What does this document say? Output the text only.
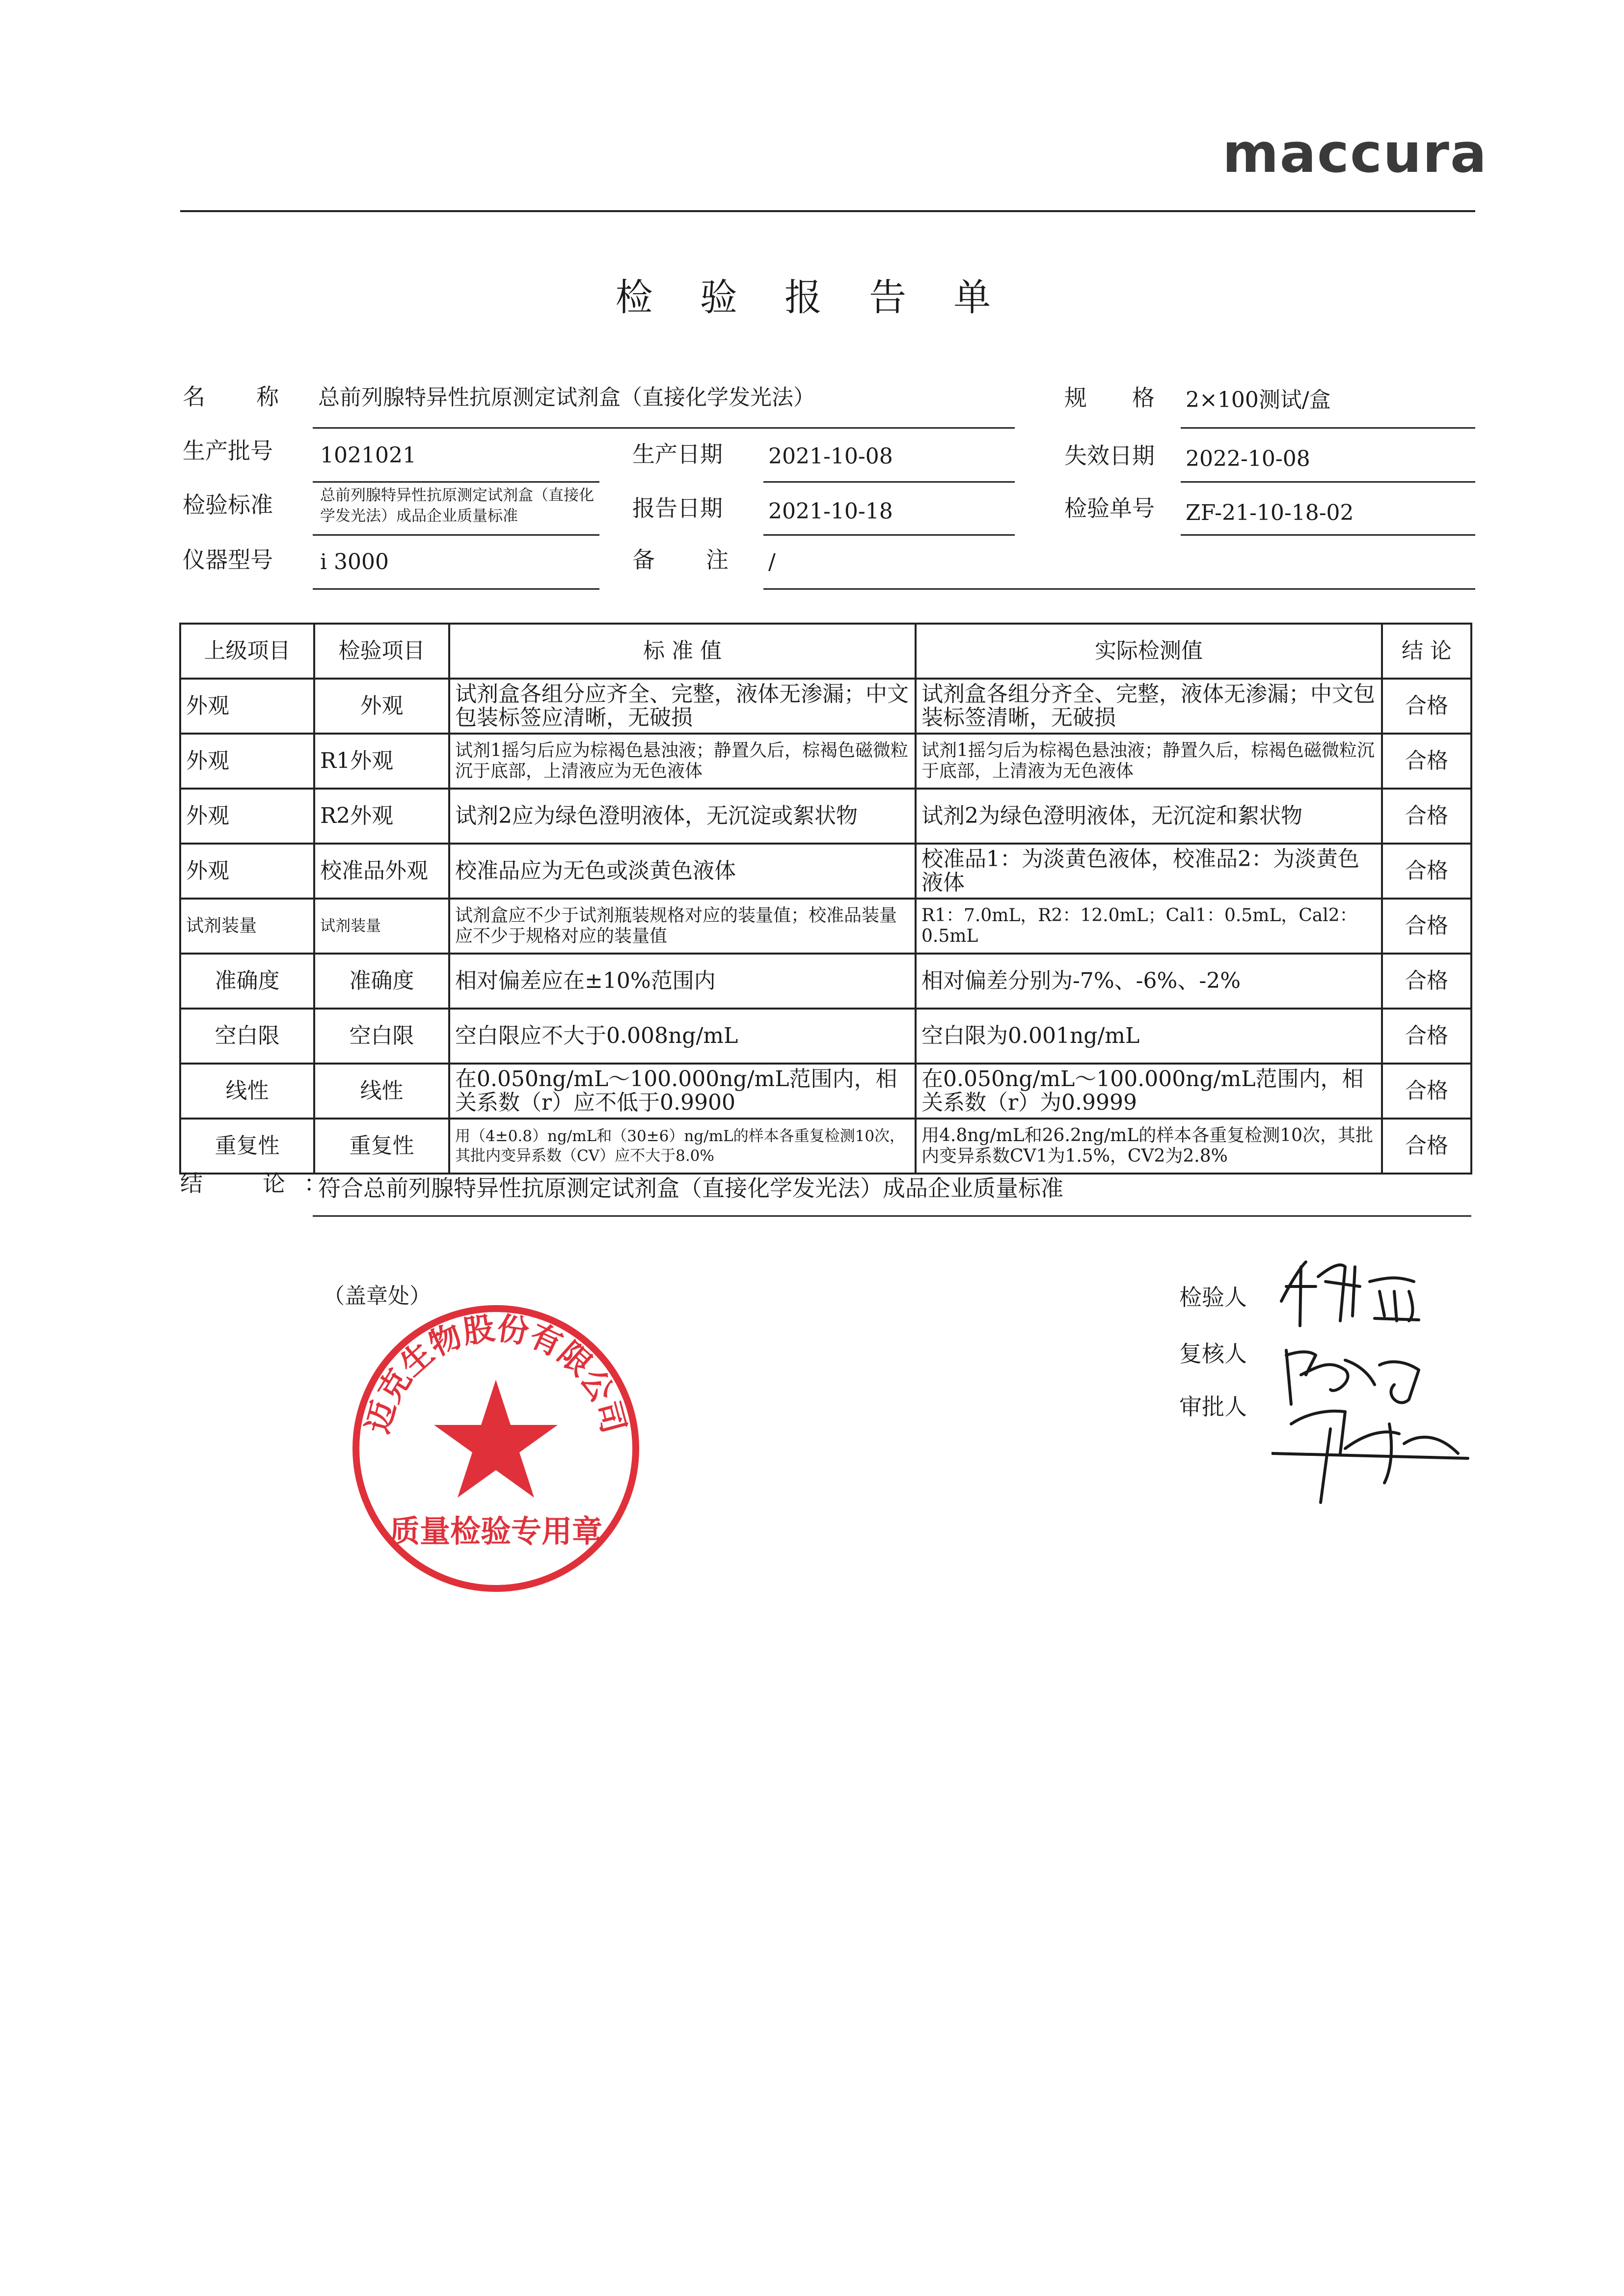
maccura
检 验 报 告 单
名　　称 总前列腺特异性抗原测定试剂盒（直接化学发光法）	规　　格 2×100测试/盒
生产批号 1021021	生产日期 2021-10-08	失效日期 2022-10-08
检验标准	总前列腺特异性抗原测定试剂盒（直接化学发光法）成品企业质量标准	报告日期 2021-10-18	检验单号 ZF-21-10-18-02
仪器型号 i 3000	备　　注 /
上级项目	检验项目	标 准 值	实际检测值	结 论
外观	外观	试剂盒各组分应齐全、完整，液体无渗漏；中文包装标签应清晰，无破损	试剂盒各组分齐全、完整，液体无渗漏；中文包装标签清晰，无破损	合格
外观	R1外观	试剂1摇匀后应为棕褐色悬浊液；静置久后，棕褐色磁微粒沉于底部，上清液应为无色液体	试剂1摇匀后为棕褐色悬浊液；静置久后，棕褐色磁微粒沉于底部，上清液为无色液体	合格
外观	R2外观	试剂2应为绿色澄明液体，无沉淀或絮状物	试剂2为绿色澄明液体，无沉淀和絮状物	合格
外观	校准品外观	校准品应为无色或淡黄色液体	校准品1：为淡黄色液体，校准品2：为淡黄色液体	合格
试剂装量	试剂装量	试剂盒应不少于试剂瓶装规格对应的装量值；校准品装量应不少于规格对应的装量值	R1：7.0mL，R2：12.0mL；Cal1：0.5mL，Cal2：0.5mL	合格
准确度	准确度	相对偏差应在±10%范围内	相对偏差分别为-7%、-6%、-2%	合格
空白限	空白限	空白限应不大于0.008ng/mL	空白限为0.001ng/mL	合格
线性	线性	在0.050ng/mL～100.000ng/mL范围内，相关系数（r）应不低于0.9900	在0.050ng/mL～100.000ng/mL范围内，相关系数（r）为0.9999	合格
重复性	重复性	用（4±0.8）ng/mL和（30±6）ng/mL的样本各重复检测10次，其批内变异系数（CV）应不大于8.0%	用4.8ng/mL和26.2ng/mL的样本各重复检测10次，其批内变异系数CV1为1.5%，CV2为2.8%	合格
结　论：
符合总前列腺特异性抗原测定试剂盒（直接化学发光法）成品企业质量标准
（盖章处）
迈克生物股份有限公司
质量检验专用章
检验人
复核人
审批人
